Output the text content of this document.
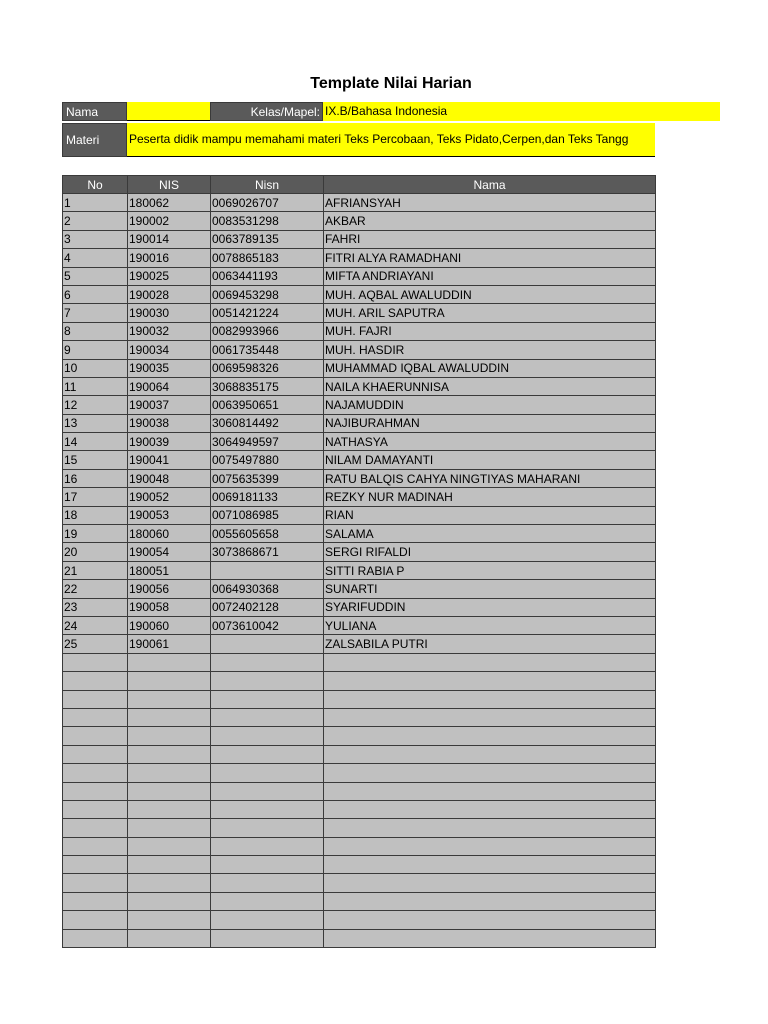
Template Nilai Harian
Nama	Kelas/Mapel: IX.B/Bahasa Indonesia
Materi	Peserta didik mampu memahami materi Teks Percobaan, Teks Pidato,Cerpen,dan Teks Tangg
No	NIS	Nisn	Nama
1	180062	0069026707	AFRIANSYAH
2	190002	0083531298	AKBAR
3	190014	0063789135	FAHRI
4	190016	0078865183	FITRI ALYA RAMADHANI
5	190025	0063441193	MIFTA ANDRIAYANI
6	190028	0069453298	MUH. AQBAL AWALUDDIN
7	190030	0051421224	MUH. ARIL SAPUTRA
8	190032	0082993966	MUH. FAJRI
9	190034	0061735448	MUH. HASDIR
10	190035	0069598326	MUHAMMAD IQBAL AWALUDDIN
11	190064	3068835175	NAILA KHAERUNNISA
12	190037	0063950651	NAJAMUDDIN
13	190038	3060814492	NAJIBURAHMAN
14	190039	3064949597	NATHASYA
15	190041	0075497880	NILAM DAMAYANTI
16	190048	0075635399	RATU BALQIS CAHYA NINGTIYAS MAHARANI
17	190052	0069181133	REZKY NUR MADINAH
18	190053	0071086985	RIAN
19	180060	0055605658	SALAMA
20	190054	3073868671	SERGI RIFALDI
21	180051		SITTI RABIA P
22	190056	0064930368	SUNARTI
23	190058	0072402128	SYARIFUDDIN
24	190060	0073610042	YULIANA
25	190061		ZALSABILA PUTRI
